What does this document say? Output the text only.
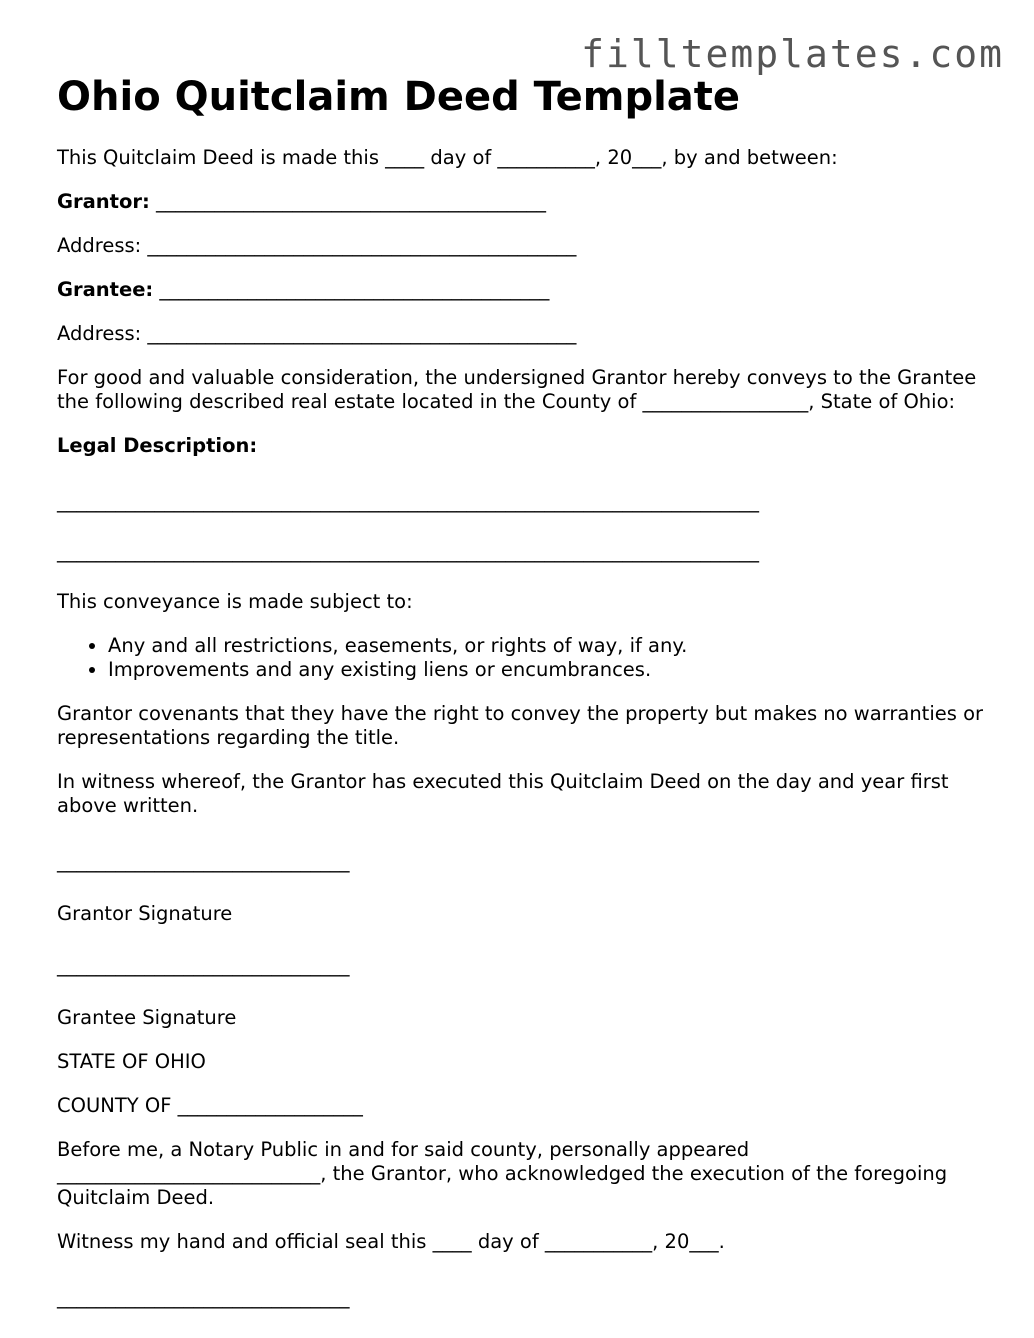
filltemplates.com
Ohio Quitclaim Deed Template

This Quitclaim Deed is made this ____ day of __________, 20___, by and between:

Grantor: ________________________________________

Address: ____________________________________________

Grantee: ________________________________________

Address: ____________________________________________

For good and valuable consideration, the undersigned Grantor hereby conveys to the Grantee the following described real estate located in the County of _________________, State of Ohio:

Legal Description:

________________________________________________________________________

________________________________________________________________________

This conveyance is made subject to:

• Any and all restrictions, easements, or rights of way, if any.
• Improvements and any existing liens or encumbrances.

Grantor covenants that they have the right to convey the property but makes no warranties or representations regarding the title.

In witness whereof, the Grantor has executed this Quitclaim Deed on the day and year first above written.

______________________________

Grantor Signature

______________________________

Grantee Signature

STATE OF OHIO

COUNTY OF ___________________

Before me, a Notary Public in and for said county, personally appeared ___________________________, the Grantor, who acknowledged the execution of the foregoing Quitclaim Deed.

Witness my hand and official seal this ____ day of ___________, 20___.

______________________________
